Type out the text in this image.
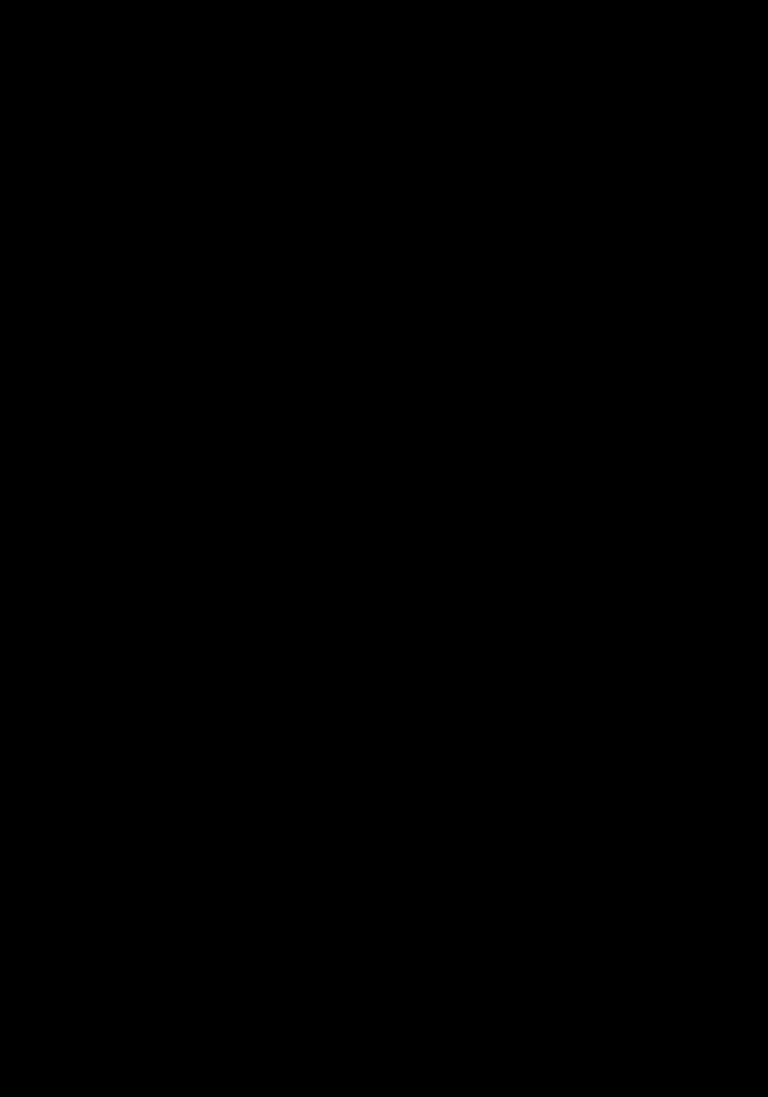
Схема внутривузовской автоматизированной системы
разработки образовательных программ
ГОС 2
УМК практик
Учебный план
Контингент
студентов
УМК дисциплин
Расписание занятий
Учебные графики
студентов
Нагрузка
преподавателей
и контроль
кадрового
обеспечения
учебного
процесса
Контроль
учебно-
методического
обеспечения
учебного
процесса
Контроль
еженедельной
загруженности
студентов
Контроль
качества
ООП
